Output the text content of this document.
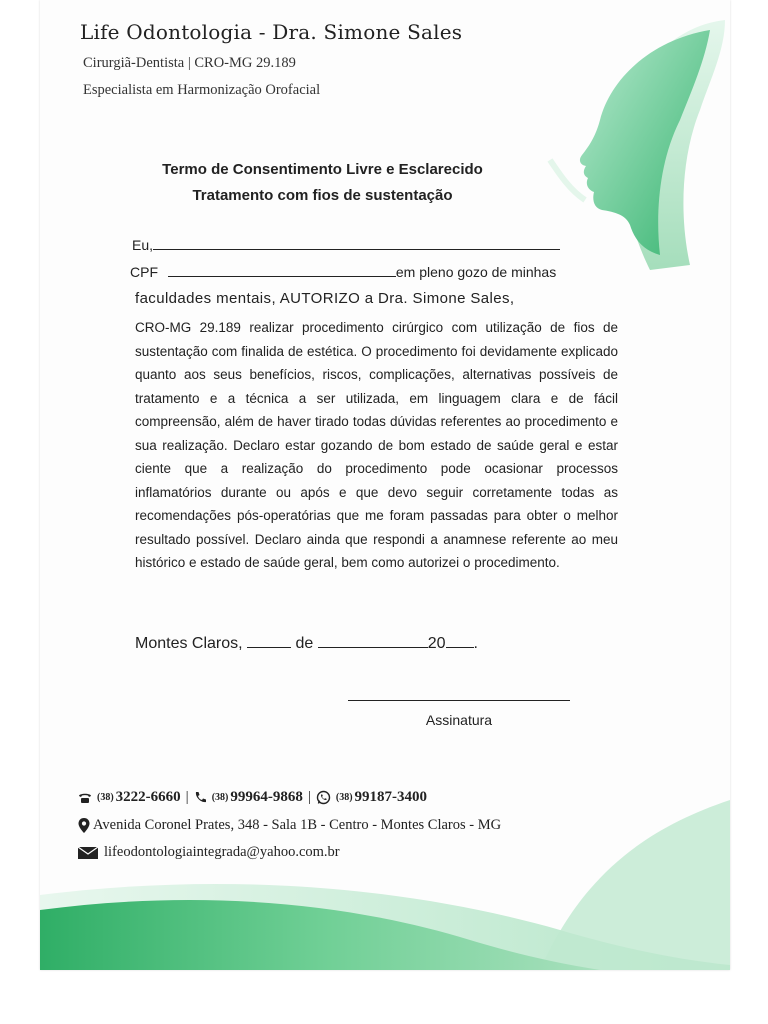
Life Odontologia - Dra. Simone Sales
Cirurgiã-Dentista | CRO-MG 29.189
Especialista em Harmonização Orofacial
Termo de Consentimento Livre e Esclarecido
Tratamento com fios de sustentação
Eu,
CPF	em pleno gozo de minhas
faculdades mentais, AUTORIZO a Dra. Simone Sales,
CRO-MG 29.189 realizar procedimento cirúrgico com utilização de fios de sustentação com finalida de estética. O procedimento foi devidamente explicado quanto aos seus benefícios, riscos, complicações, alternativas possíveis de tratamento e a técnica a ser utilizada, em linguagem clara e de fácil compreensão, além de haver tirado todas dúvidas referentes ao procedimento e sua realização. Declaro estar gozando de bom estado de saúde geral e estar ciente que a realização do procedimento pode ocasionar processos inflamatórios durante ou após e que devo seguir corretamente todas as recomendações pós-operatórias que me foram passadas para obter o melhor resultado possível. Declaro ainda que respondi a anamnese referente ao meu histórico e estado de saúde geral, bem como autorizei o procedimento.
Montes Claros,	de	20 .
Assinatura
(38) 3222-6660 | (38) 99964-9868 |	(38) 99187-3400
Avenida Coronel Prates, 348 - Sala 1B - Centro - Montes Claros - MG
lifeodontologiaintegrada@yahoo.com.br
